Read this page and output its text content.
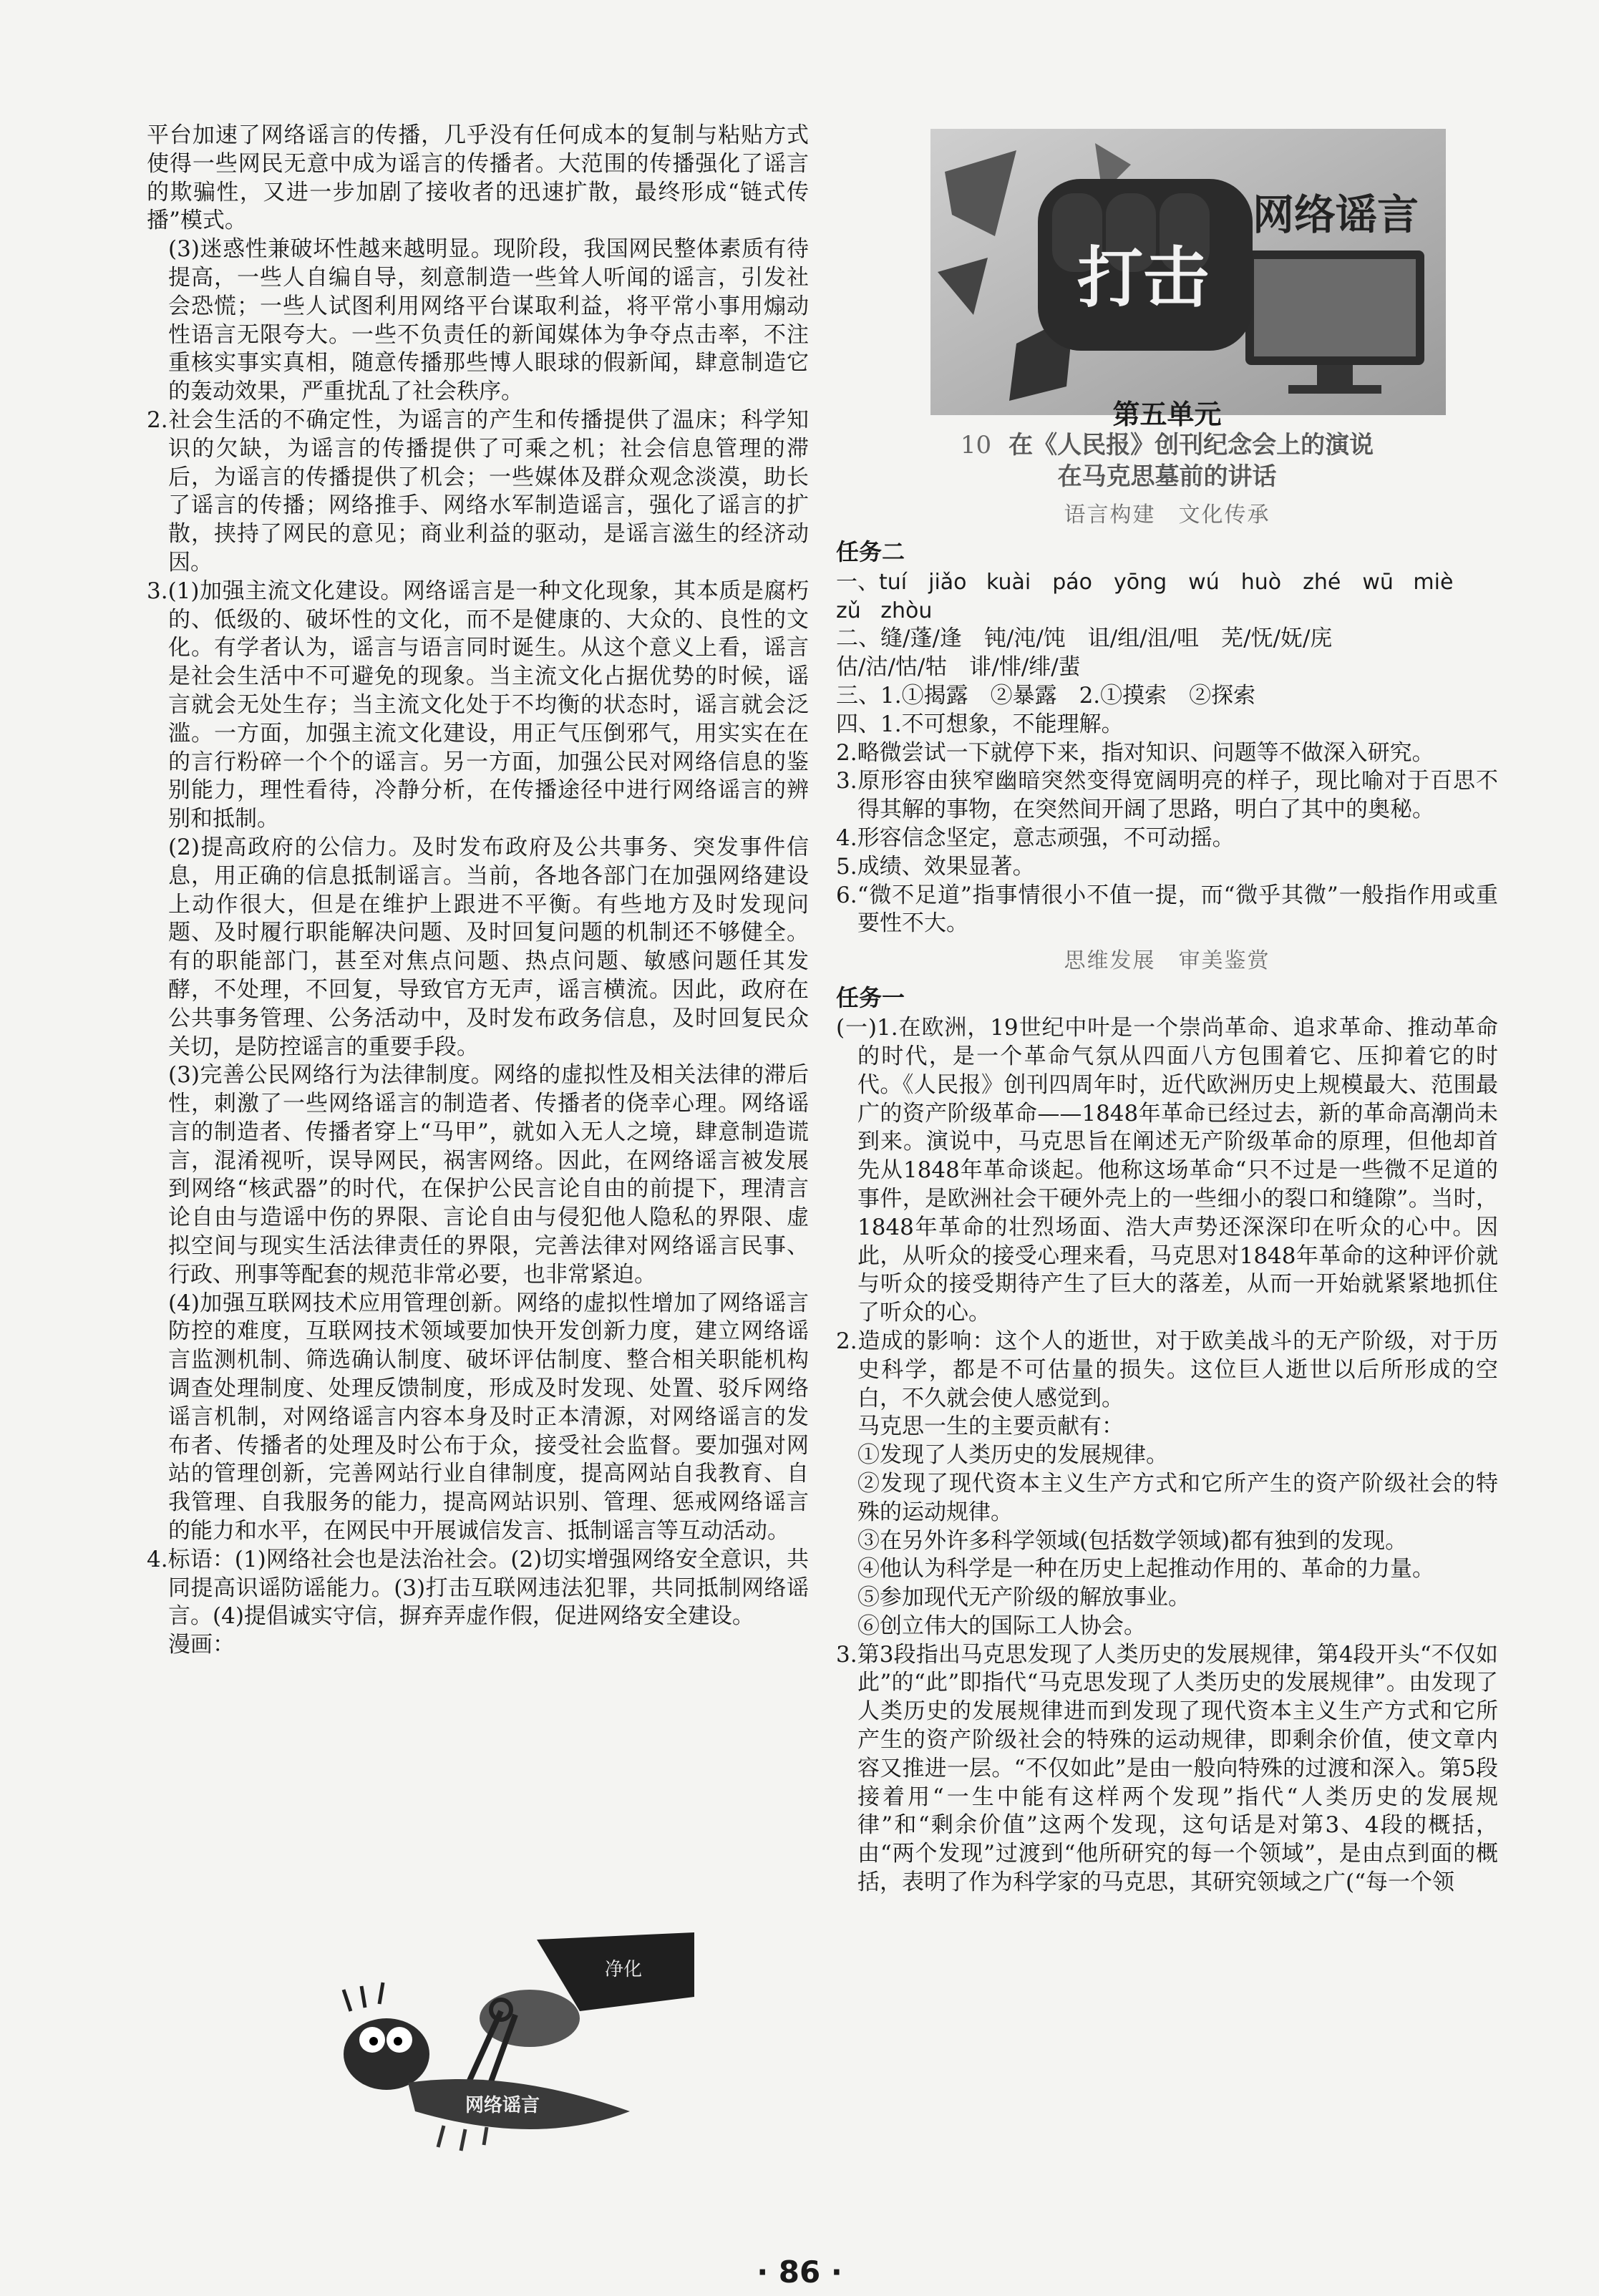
平台加速了网络谣言的传播，几乎没有任何成本的复制与粘贴方式使得一些网民无意中成为谣言的传播者。大范围的传播强化了谣言的欺骗性，又进一步加剧了接收者的迅速扩散，最终形成“链式传播”模式。

(3)迷惑性兼破坏性越来越明显。现阶段，我国网民整体素质有待提高，一些人自编自导，刻意制造一些耸人听闻的谣言，引发社会恐慌；一些人试图利用网络平台谋取利益，将平常小事用煽动性语言无限夸大。一些不负责任的新闻媒体为争夺点击率，不注重核实事实真相，随意传播那些博人眼球的假新闻，肆意制造它的轰动效果，严重扰乱了社会秩序。

2.社会生活的不确定性，为谣言的产生和传播提供了温床；科学知识的欠缺，为谣言的传播提供了可乘之机；社会信息管理的滞后，为谣言的传播提供了机会；一些媒体及群众观念淡漠，助长了谣言的传播；网络推手、网络水军制造谣言，强化了谣言的扩散，挟持了网民的意见；商业利益的驱动，是谣言滋生的经济动因。

3.(1)加强主流文化建设。网络谣言是一种文化现象，其本质是腐朽的、低级的、破坏性的文化，而不是健康的、大众的、良性的文化。有学者认为，谣言与语言同时诞生。从这个意义上看，谣言是社会生活中不可避免的现象。当主流文化占据优势的时候，谣言就会无处生存；当主流文化处于不均衡的状态时，谣言就会泛滥。一方面，加强主流文化建设，用正气压倒邪气，用实实在在的言行粉碎一个个的谣言。另一方面，加强公民对网络信息的鉴别能力，理性看待，冷静分析，在传播途径中进行网络谣言的辨别和抵制。

(2)提高政府的公信力。及时发布政府及公共事务、突发事件信息，用正确的信息抵制谣言。当前，各地各部门在加强网络建设上动作很大，但是在维护上跟进不平衡。有些地方及时发现问题、及时履行职能解决问题、及时回复问题的机制还不够健全。有的职能部门，甚至对焦点问题、热点问题、敏感问题任其发酵，不处理，不回复，导致官方无声，谣言横流。因此，政府在公共事务管理、公务活动中，及时发布政务信息，及时回复民众关切，是防控谣言的重要手段。

(3)完善公民网络行为法律制度。网络的虚拟性及相关法律的滞后性，刺激了一些网络谣言的制造者、传播者的侥幸心理。网络谣言的制造者、传播者穿上“马甲”，就如入无人之境，肆意制造谎言，混淆视听，误导网民，祸害网络。因此，在网络谣言被发展到网络“核武器”的时代，在保护公民言论自由的前提下，理清言论自由与造谣中伤的界限、言论自由与侵犯他人隐私的界限、虚拟空间与现实生活法律责任的界限，完善法律对网络谣言民事、行政、刑事等配套的规范非常必要，也非常紧迫。

(4)加强互联网技术应用管理创新。网络的虚拟性增加了网络谣言防控的难度，互联网技术领域要加快开发创新力度，建立网络谣言监测机制、筛选确认制度、破坏评估制度、整合相关职能机构调查处理制度、处理反馈制度，形成及时发现、处置、驳斥网络谣言机制，对网络谣言内容本身及时正本清源，对网络谣言的发布者、传播者的处理及时公布于众，接受社会监督。要加强对网站的管理创新，完善网站行业自律制度，提高网站自我教育、自我管理、自我服务的能力，提高网站识别、管理、惩戒网络谣言的能力和水平，在网民中开展诚信发言、抵制谣言等互动活动。

4.标语：(1)网络社会也是法治社会。(2)切实增强网络安全意识，共同提高识谣防谣能力。(3)打击互联网违法犯罪，共同抵制网络谣言。(4)提倡诚实守信，摒弃弄虚作假，促进网络安全建设。

漫画：

打击
网络谣言

第五单元

10 在《人民报》创刊纪念会上的演说

在马克思墓前的讲话

语言构建　文化传承
任务二

一、tuí　jiǎo kuài　páo　yōng　wú　huò　zhé　wū miè

zǔ zhòu

二、缝/蓬/逢　钝/沌/饨　诅/组/沮/咀　芜/怃/妩/庑

估/沽/怙/牯　诽/悱/绯/蜚

三、1.①揭露　②暴露　2.①摸索　②探索

四、1.不可想象，不能理解。

2.略微尝试一下就停下来，指对知识、问题等不做深入研究。

3.原形容由狭窄幽暗突然变得宽阔明亮的样子，现比喻对于百思不得其解的事物，在突然间开阔了思路，明白了其中的奥秘。

4.形容信念坚定，意志顽强，不可动摇。

5.成绩、效果显著。

6.“微不足道”指事情很小不值一提，而“微乎其微”一般指作用或重要性不大。

思维发展　审美鉴赏
任务一

(一)1.在欧洲，19世纪中叶是一个崇尚革命、追求革命、推动革命的时代，是一个革命气氛从四面八方包围着它、压抑着它的时代。《人民报》创刊四周年时，近代欧洲历史上规模最大、范围最广的资产阶级革命——1848年革命已经过去，新的革命高潮尚未到来。演说中，马克思旨在阐述无产阶级革命的原理，但他却首先从1848年革命谈起。他称这场革命“只不过是一些微不足道的事件，是欧洲社会干硬外壳上的一些细小的裂口和缝隙”。当时，1848年革命的壮烈场面、浩大声势还深深印在听众的心中。因此，从听众的接受心理来看，马克思对1848年革命的这种评价就与听众的接受期待产生了巨大的落差，从而一开始就紧紧地抓住了听众的心。

2.造成的影响：这个人的逝世，对于欧美战斗的无产阶级，对于历史科学，都是不可估量的损失。这位巨人逝世以后所形成的空白，不久就会使人感觉到。

马克思一生的主要贡献有：

①发现了人类历史的发展规律。

②发现了现代资本主义生产方式和它所产生的资产阶级社会的特殊的运动规律。

③在另外许多科学领域(包括数学领域)都有独到的发现。

④他认为科学是一种在历史上起推动作用的、革命的力量。

⑤参加现代无产阶级的解放事业。

⑥创立伟大的国际工人协会。

3.第3段指出马克思发现了人类历史的发展规律，第4段开头“不仅如此”的“此”即指代“马克思发现了人类历史的发展规律”。由发现了人类历史的发展规律进而到发现了现代资本主义生产方式和它所产生的资产阶级社会的特殊的运动规律，即剩余价值，使文章内容又推进一层。“不仅如此”是由一般向特殊的过渡和深入。第5段接着用“一生中能有这样两个发现”指代“人类历史的发展规律”和“剩余价值”这两个发现，这句话是对第3、4段的概括，由“两个发现”过渡到“他所研究的每一个领域”，是由点到面的概括，表明了作为科学家的马克思，其研究领域之广(“每一个领

净化
网络谣言
· 86 ·
